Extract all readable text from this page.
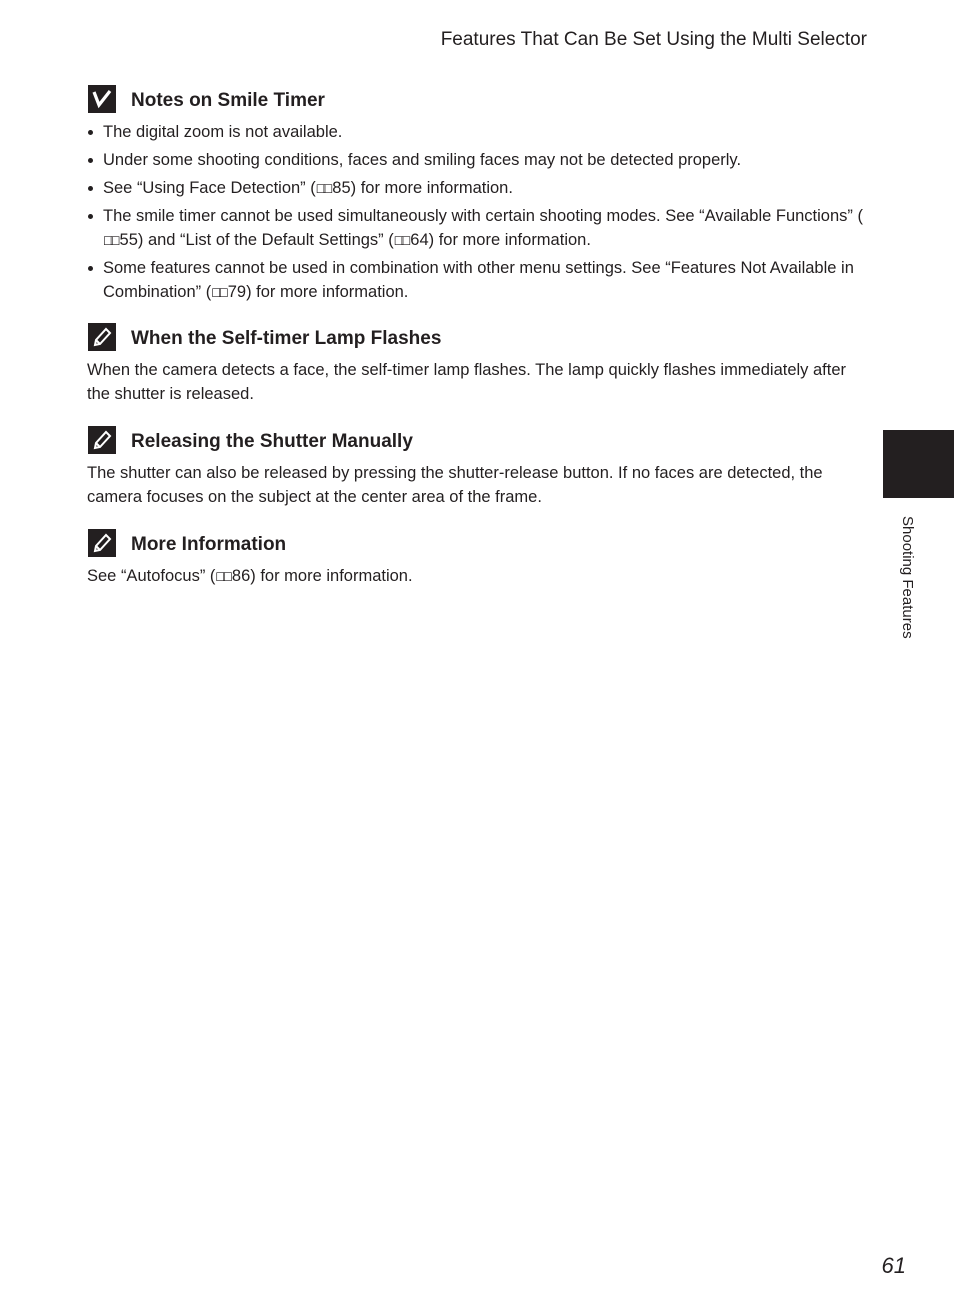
Features That Can Be Set Using the Multi Selector
Notes on Smile Timer
The digital zoom is not available.
Under some shooting conditions, faces and smiling faces may not be detected properly.
See “Using Face Detection” (☐☐ 85) for more information.
The smile timer cannot be used simultaneously with certain shooting modes. See “Available Functions” (☐☐ 55) and “List of the Default Settings” (☐☐ 64) for more information.
Some features cannot be used in combination with other menu settings. See “Features Not Available in Combination” (☐☐ 79) for more information.
When the Self-timer Lamp Flashes

When the camera detects a face, the self-timer lamp flashes. The lamp quickly flashes immediately after the shutter is released.

Releasing the Shutter Manually

The shutter can also be released by pressing the shutter-release button. If no faces are detected, the camera focuses on the subject at the center area of the frame.

More Information

See “Autofocus” (☐☐ 86) for more information.	Shooting Features
61
